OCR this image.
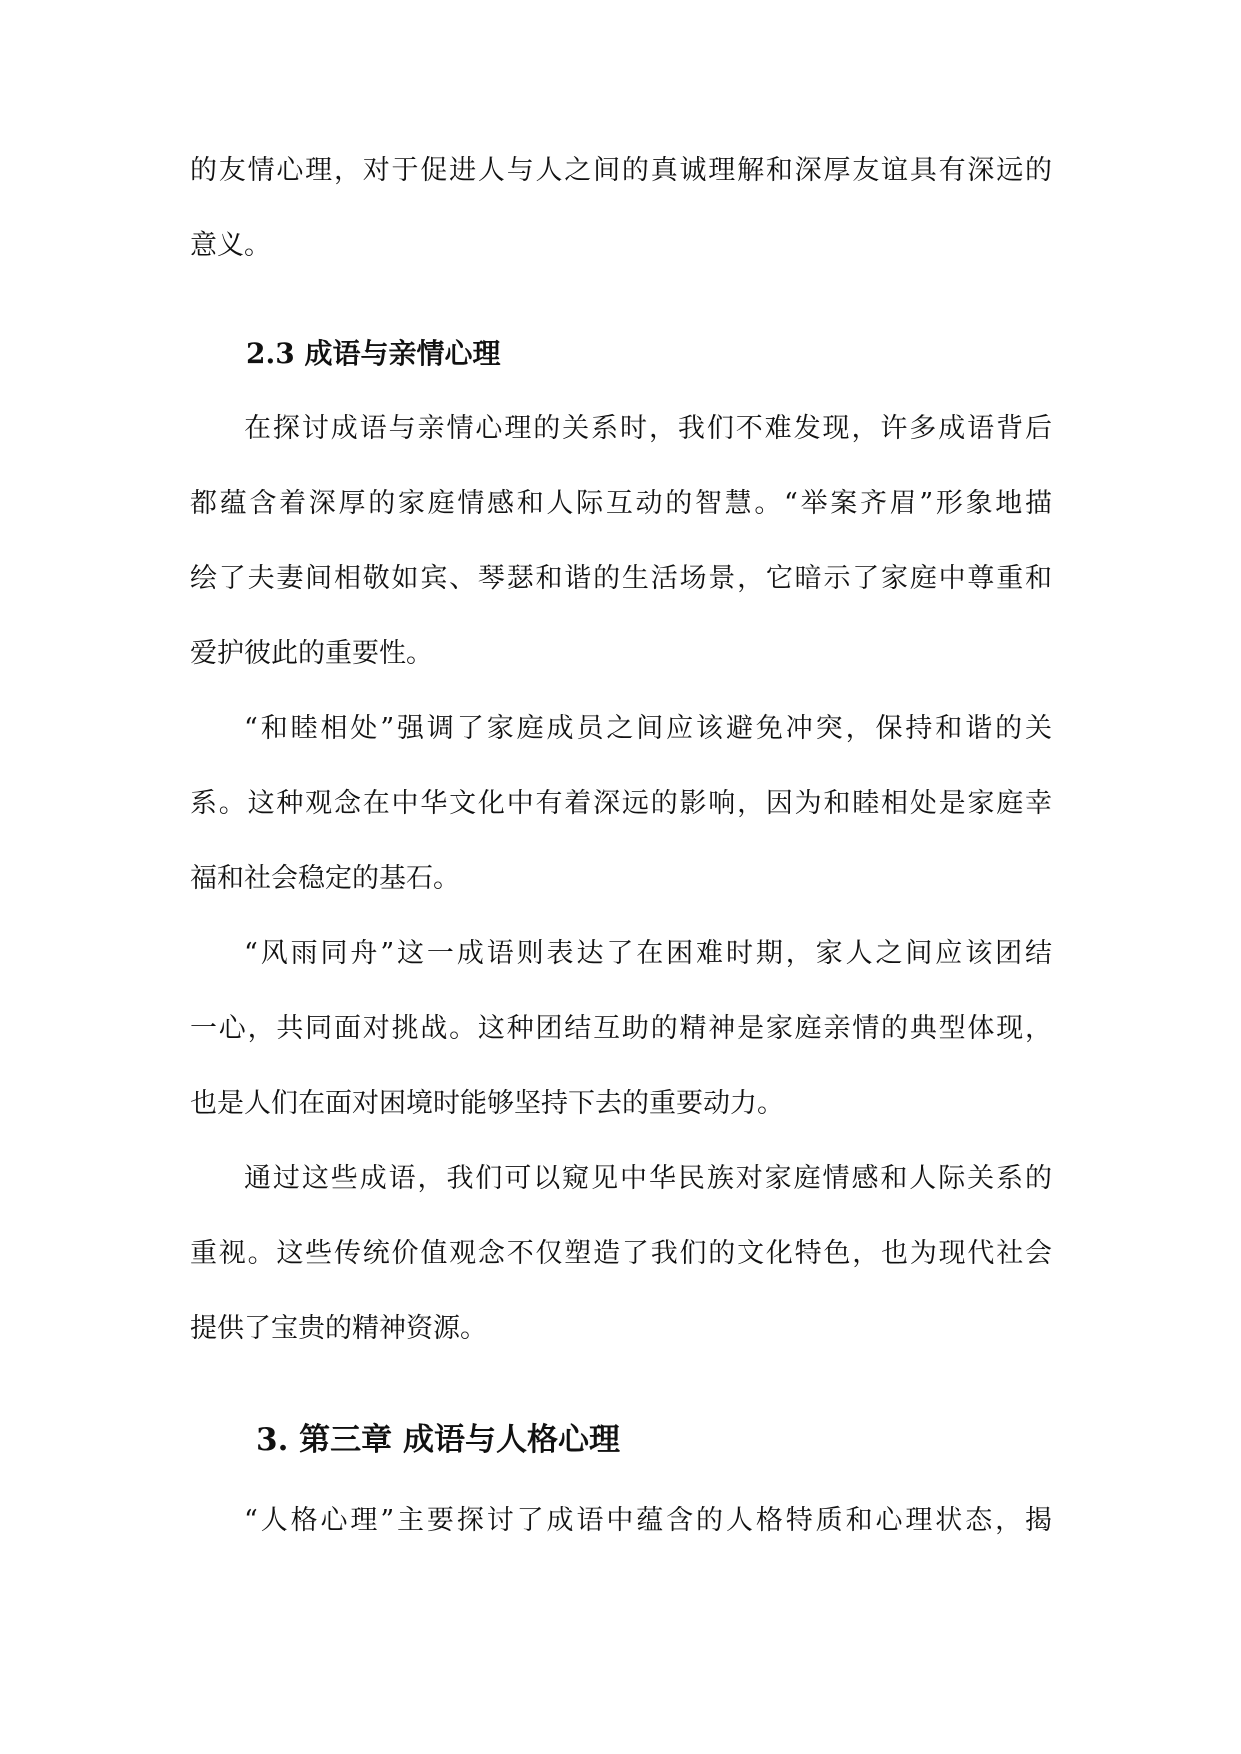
的友情心理，对于促进人与人之间的真诚理解和深厚友谊具有深远的
意义。
2.3 成语与亲情心理
在探讨成语与亲情心理的关系时，我们不难发现，许多成语背后
都蕴含着深厚的家庭情感和人际互动的智慧。“举案齐眉”形象地描
绘了夫妻间相敬如宾、琴瑟和谐的生活场景，它暗示了家庭中尊重和
爱护彼此的重要性。
“和睦相处”强调了家庭成员之间应该避免冲突，保持和谐的关
系。这种观念在中华文化中有着深远的影响，因为和睦相处是家庭幸
福和社会稳定的基石。
“风雨同舟”这一成语则表达了在困难时期，家人之间应该团结
一心，共同面对挑战。这种团结互助的精神是家庭亲情的典型体现，
也是人们在面对困境时能够坚持下去的重要动力。
通过这些成语，我们可以窥见中华民族对家庭情感和人际关系的
重视。这些传统价值观念不仅塑造了我们的文化特色，也为现代社会
提供了宝贵的精神资源。
3. 第三章 成语与人格心理
“人格心理”主要探讨了成语中蕴含的人格特质和心理状态，揭
